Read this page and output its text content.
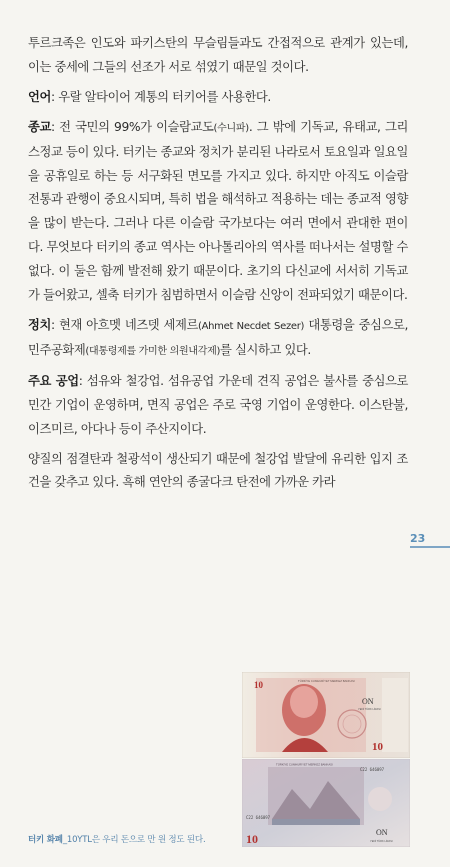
투르크족은 인도와 파키스탄의 무슬림들과도 간접적으로 관계가 있는데, 이는 중세에 그들의 선조가 서로 섞였기 때문일 것이다.

언어: 우랄 알타이어 계통의 터키어를 사용한다.

종교: 전 국민의 99%가 이슬람교도(수니파). 그 밖에 기독교, 유태교, 그리스정교 등이 있다. 터키는 종교와 정치가 분리된 나라로서 토요일과 일요일을 공휴일로 하는 등 서구화된 면모를 가지고 있다. 하지만 아직도 이슬람 전통과 관행이 중요시되며, 특히 법을 해석하고 적용하는 데는 종교적 영향을 많이 받는다. 그러나 다른 이슬람 국가보다는 여러 면에서 관대한 편이다. 무엇보다 터키의 종교 역사는 아나톨리아의 역사를 떠나서는 설명할 수 없다. 이 둘은 함께 발전해 왔기 때문이다. 초기의 다신교에 서서히 기독교가 들어왔고, 셀축 터키가 침범하면서 이슬람 신앙이 전파되었기 때문이다.

정치: 현재 아흐멧 네즈뎃 세제르(Ahmet Necdet Sezer) 대통령을 중심으로, 민주공화제(대통령제를 가미한 의원내각제)를 실시하고 있다.

주요 공업: 섬유와 철강업. 섬유공업 가운데 견직 공업은 불사를 중심으로 민간 기업이 운영하며, 면직 공업은 주로 국영 기업이 운영한다. 이스탄불, 이즈미르, 아다나 등이 주산지이다.

양질의 점결탄과 철광석이 생산되기 때문에 철강업 발달에 유리한 입지 조건을 갖추고 있다. 흑해 연안의 종굴다크 탄전에 가까운 카라

23
10	TÜRKİYE CUMHURİYET MERKEZ BANKASI
ON
YENİ TÜRK LİRASI
10
TÜRKİYE CUMHURİYET MERKEZ BANKASI
C22 646097
C22 646097
10	ON
YENİ TÜRK LİRASI
터키 화폐_10YTL은 우리 돈으로 만 원 정도 된다.
